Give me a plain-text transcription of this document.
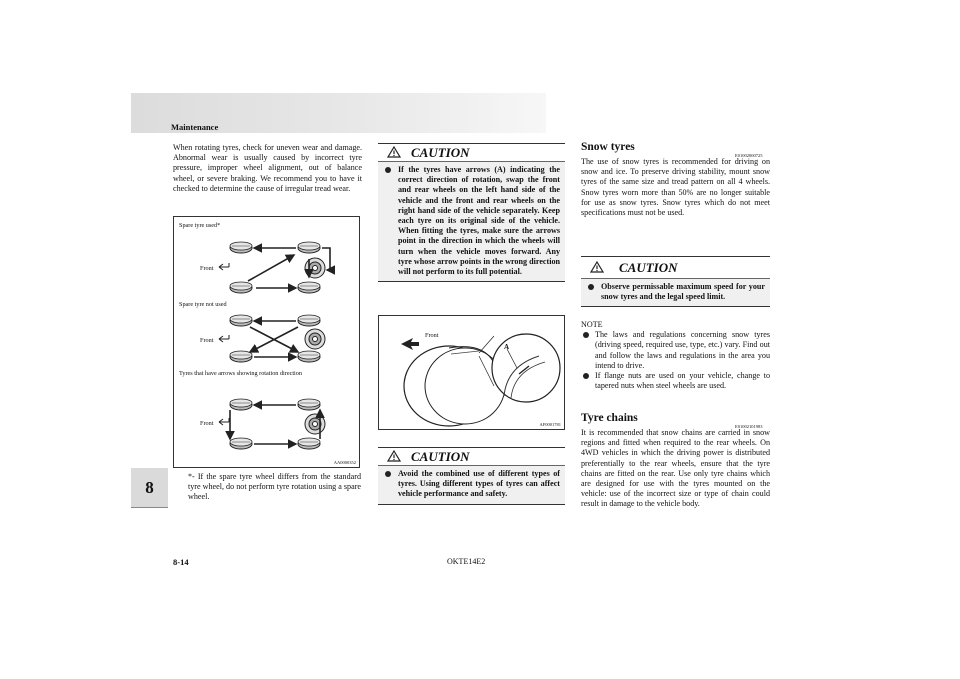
Maintenance
8

When rotating tyres, check for uneven wear and damage. Abnormal wear is usually caused by incorrect tyre pressure, improper wheel alignment, out of balance wheel, or severe braking. We recommend you to have it checked to determine the cause of irregular tread wear.

Spare tyre used*
Spare tyre not used
Tyres that have arrows showing rotation direction
Front
Front
Front
AA0000352
*- If the spare tyre wheel differs from the standard tyre wheel, do not perform tyre rotation using a spare wheel.
CAUTION
If the tyres have arrows (A) indicating the correct direction of rotation, swap the front and rear wheels on the left hand side of the vehicle and the front and rear wheels on the right hand side of the vehicle separately. Keep each tyre on its original side of the vehicle. When fitting the tyres, make sure the arrows point in the direction in which the wheels will turn when the vehicle moves forward. Any tyre whose arrow points in the wrong direction will not perform to its full potential.
Front
A
AF0001781
CAUTION
Avoid the combined use of different types of tyres. Using different types of tyres can affect vehicle performance and safety.
Snow tyres
E01002000725

The use of snow tyres is recommended for driving on snow and ice. To preserve driving stability, mount snow tyres of the same size and tread pattern on all 4 wheels. Snow tyres worn more than 50% are no longer suitable for use as snow tyres. Snow tyres which do not meet specifications must not be used.

CAUTION
Observe permissable maximum speed for your snow tyres and the legal speed limit.
NOTE
The laws and regulations concerning snow tyres (driving speed, required use, type, etc.) vary. Find out and follow the laws and regulations in the area you intend to drive.
If flange nuts are used on your vehicle, change to tapered nuts when steel wheels are used.
Tyre chains
E01002101983

It is recommended that snow chains are carried in snow regions and fitted when required to the rear wheels. On 4WD vehicles in which the driving power is distributed preferentially to the rear wheels, ensure that the tyre chains are fitted on the rear. Use only tyre chains which are designed for use with the tyres mounted on the vehicle: use of the incorrect size or type of chain could result in damage to the vehicle body.

8-14	OKTE14E2
